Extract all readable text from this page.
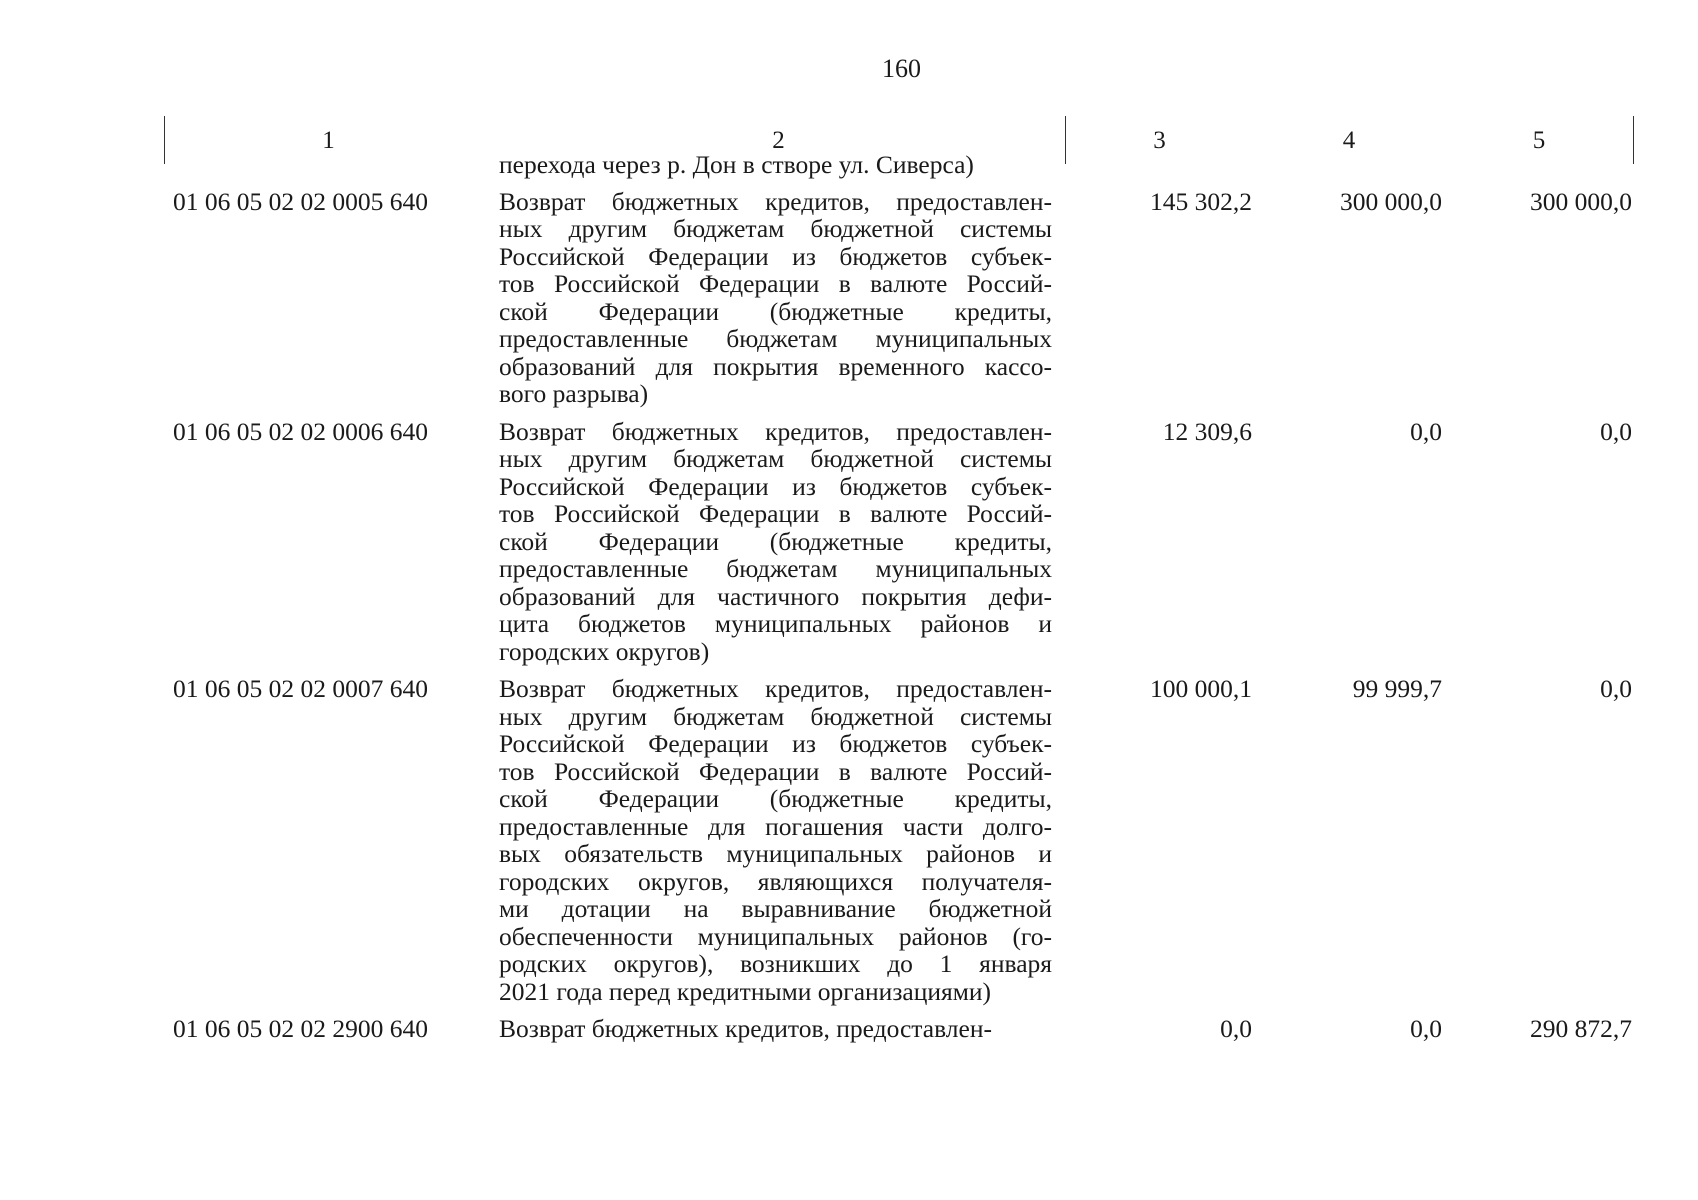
160
1	2	3	4	5
перехода через р. Дон в створе ул. Сиверса)
01 06 05 02 02 0005 640	Возврат бюджетных кредитов, предоставлен-
ных другим бюджетам бюджетной системы
Российской Федерации из бюджетов субъек-
тов Российской Федерации в валюте Россий-
ской Федерации (бюджетные кредиты,
предоставленные бюджетам муниципальных
образований для покрытия временного кассо-
вого разрыва)
145 302,2	300 000,0	300 000,0
01 06 05 02 02 0006 640	Возврат бюджетных кредитов, предоставлен-
ных другим бюджетам бюджетной системы
Российской Федерации из бюджетов субъек-
тов Российской Федерации в валюте Россий-
ской Федерации (бюджетные кредиты,
предоставленные бюджетам муниципальных
образований для частичного покрытия дефи-
цита бюджетов муниципальных районов и
городских округов)
12 309,6	0,0	0,0
01 06 05 02 02 0007 640	Возврат бюджетных кредитов, предоставлен-
ных другим бюджетам бюджетной системы
Российской Федерации из бюджетов субъек-
тов Российской Федерации в валюте Россий-
ской Федерации (бюджетные кредиты,
предоставленные для погашения части долго-
вых обязательств муниципальных районов и
городских округов, являющихся получателя-
ми дотации на выравнивание бюджетной
обеспеченности муниципальных районов (го-
родских округов), возникших до 1 января
2021 года перед кредитными организациями)
100 000,1	99 999,7	0,0
01 06 05 02 02 2900 640	Возврат бюджетных кредитов, предоставлен-	0,0	0,0	290 872,7
